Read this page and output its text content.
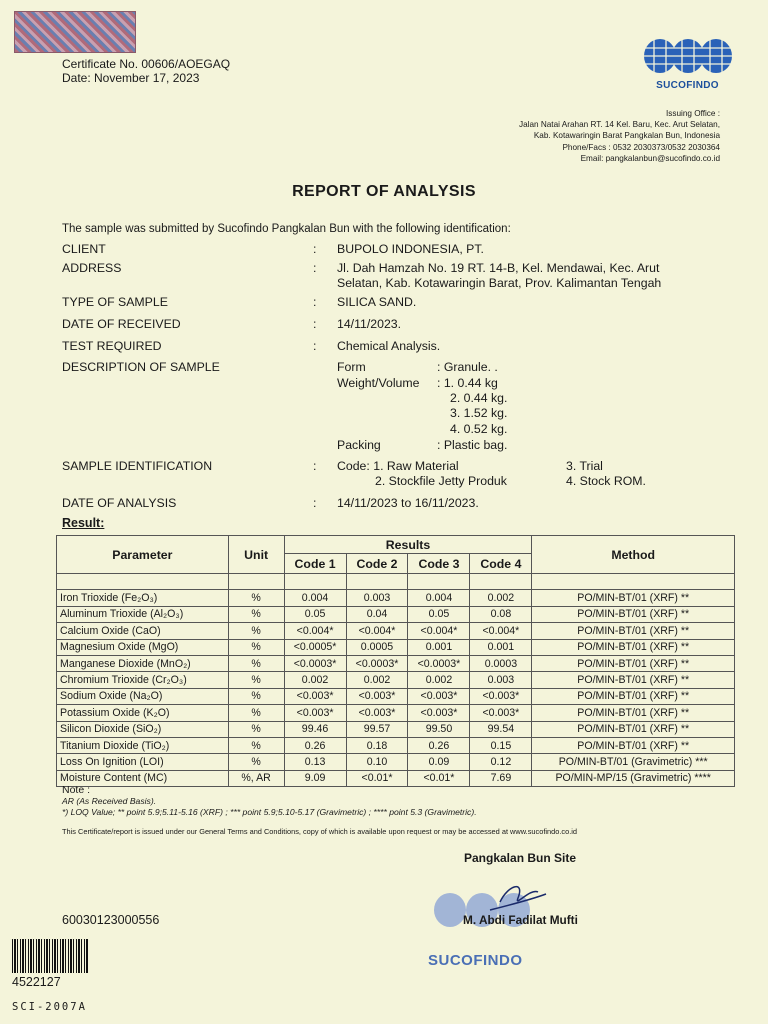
Certificate No. 00606/AOEGAQ
Date: November 17, 2023
SUCOFINDO
Issuing Office :
Jalan Natai Arahan RT. 14 Kel. Baru, Kec. Arut Selatan,
Kab. Kotawaringin Barat Pangkalan Bun, Indonesia
Phone/Facs : 0532 2030373/0532 2030364
Email: pangkalanbun@sucofindo.co.id
REPORT OF ANALYSIS
The sample was submitted by Sucofindo Pangkalan Bun with the following identification:
CLIENT	: BUPOLO INDONESIA, PT.
ADDRESS	: Jl. Dah Hamzah No. 19 RT. 14-B, Kel. Mendawai, Kec. Arut
Selatan, Kab. Kotawaringin Barat, Prov. Kalimantan Tengah
TYPE OF SAMPLE	: SILICA SAND.
DATE OF RECEIVED	: 14/11/2023.
TEST REQUIRED	: Chemical Analysis.
DESCRIPTION OF SAMPLE	Form	: Granule. .
Weight/Volume : 1. 0.44 kg
2. 0.44 kg.
3. 1.52 kg.
4. 0.52 kg.
Packing	: Plastic bag.
SAMPLE IDENTIFICATION	: Code: 1. Raw Material
2. Stockfile Jetty Produk
3. Trial
4. Stock ROM.
DATE OF ANALYSIS	: 14/11/2023 to 16/11/2023.
Result:
Parameter	Unit	Results				Method
		Code 1	Code 2	Code 3	Code 4	

Iron Trioxide (Fe₂O₃)	%	0.004	0.003	0.004	0.002	PO/MIN-BT/01 (XRF) **
Aluminum Trioxide (Al₂O₃)	%	0.05	0.04	0.05	0.08	PO/MIN-BT/01 (XRF) **
Calcium Oxide (CaO)	%	<0.004*	<0.004*	<0.004*	<0.004*	PO/MIN-BT/01 (XRF) **
Magnesium Oxide (MgO)	%	<0.0005*	0.0005	0.001	0.001	PO/MIN-BT/01 (XRF) **
Manganese Dioxide (MnO₂)	%	<0.0003*	<0.0003*	<0.0003*	0.0003	PO/MIN-BT/01 (XRF) **
Chromium Trioxide (Cr₂O₃)	%	0.002	0.002	0.002	0.003	PO/MIN-BT/01 (XRF) **
Sodium Oxide (Na₂O)	%	<0.003*	<0.003*	<0.003*	<0.003*	PO/MIN-BT/01 (XRF) **
Potassium Oxide (K₂O)	%	<0.003*	<0.003*	<0.003*	<0.003*	PO/MIN-BT/01 (XRF) **
Silicon Dioxide (SiO₂)	%	99.46	99.57	99.50	99.54	PO/MIN-BT/01 (XRF) **
Titanium Dioxide (TiO₂)	%	0.26	0.18	0.26	0.15	PO/MIN-BT/01 (XRF) **
Loss On Ignition (LOI)	%	0.13	0.10	0.09	0.12	PO/MIN-BT/01 (Gravimetric) ***
Moisture Content (MC)	%, AR	9.09	<0.01*	<0.01*	7.69	PO/MIN-MP/15 (Gravimetric) ****
Note :
AR (As Received Basis).
*) LOQ Value; ** point 5.9;5.11-5.16 (XRF) ; *** point 5.9;5.10-5.17 (Gravimetric) ; **** point 5.3 (Gravimetric).
This Certificate/report is issued under our General Terms and Conditions, copy of which is available upon request or may be accessed at www.sucofindo.co.id
Pangkalan Bun Site
M. Abdi Fadilat Mufti
SUCOFINDO
60030123000556
4522127
SCI-2007A
